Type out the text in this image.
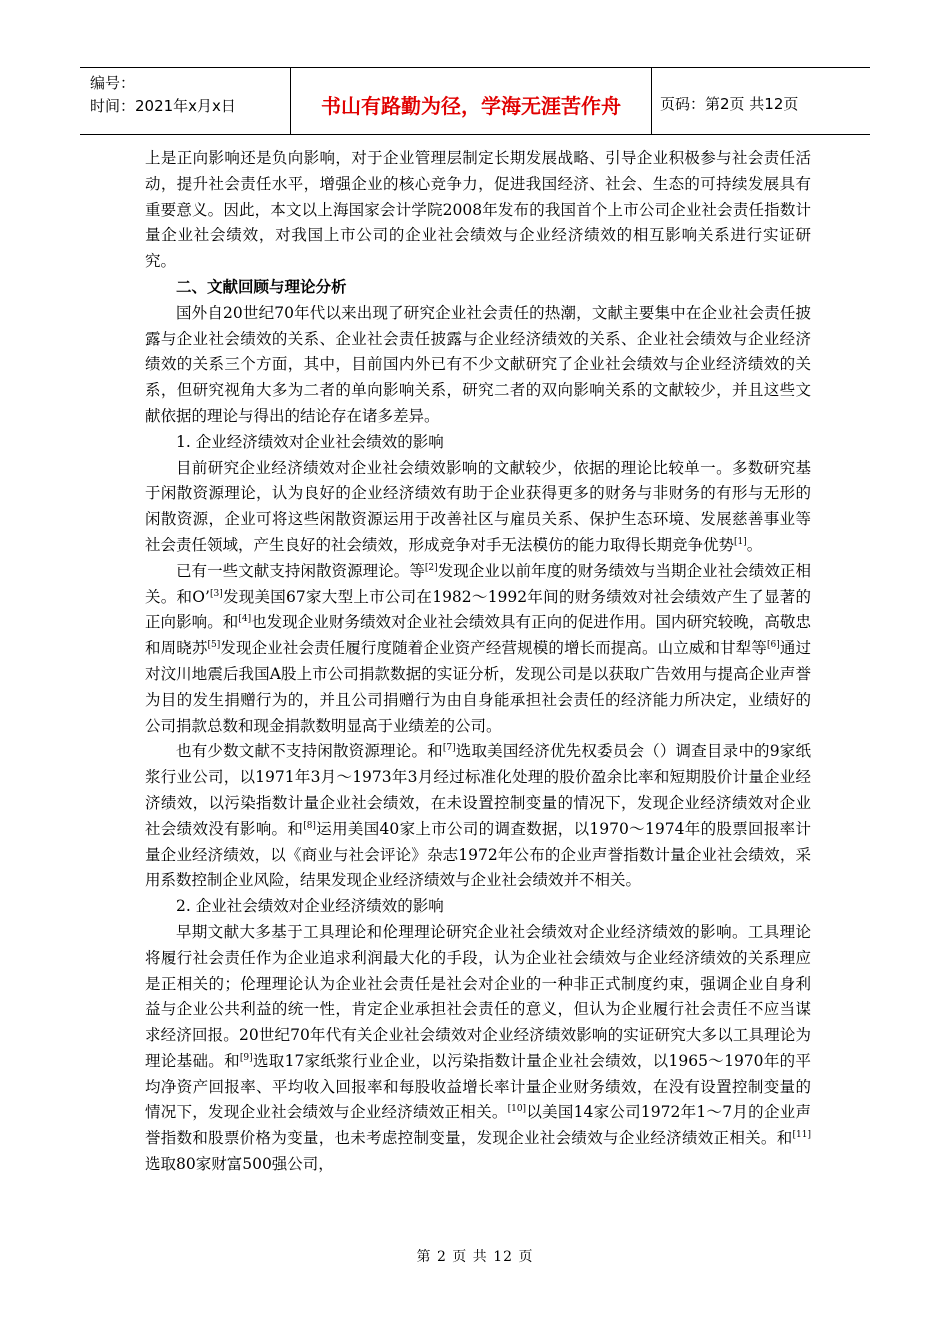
编号：
时间：2021年x月x日	书山有路勤为径，学海无涯苦作舟	页码：第2页 共12页

上是正向影响还是负向影响，对于企业管理层制定长期发展战略、引导企业积极参与社会责任活动，提升社会责任水平，增强企业的核心竞争力，促进我国经济、社会、生态的可持续发展具有重要意义。因此，本文以上海国家会计学院2008年发布的我国首个上市公司企业社会责任指数计量企业社会绩效，对我国上市公司的企业社会绩效与企业经济绩效的相互影响关系进行实证研究。

二、文献回顾与理论分析

国外自20世纪70年代以来出现了研究企业社会责任的热潮，文献主要集中在企业社会责任披露与企业社会绩效的关系、企业社会责任披露与企业经济绩效的关系、企业社会绩效与企业经济绩效的关系三个方面，其中，目前国内外已有不少文献研究了企业社会绩效与企业经济绩效的关系，但研究视角大多为二者的单向影响关系，研究二者的双向影响关系的文献较少，并且这些文献依据的理论与得出的结论存在诸多差异。

1. 企业经济绩效对企业社会绩效的影响

目前研究企业经济绩效对企业社会绩效影响的文献较少，依据的理论比较单一。多数研究基于闲散资源理论，认为良好的企业经济绩效有助于企业获得更多的财务与非财务的有形与无形的闲散资源，企业可将这些闲散资源运用于改善社区与雇员关系、保护生态环境、发展慈善事业等社会责任领域，产生良好的社会绩效，形成竞争对手无法模仿的能力取得长期竞争优势[1]。

已有一些文献支持闲散资源理论。等[2]发现企业以前年度的财务绩效与当期企业社会绩效正相关。和O’[3]发现美国67家大型上市公司在1982～1992年间的财务绩效对社会绩效产生了显著的正向影响。和[4]也发现企业财务绩效对企业社会绩效具有正向的促进作用。国内研究较晚，高敬忠和周晓苏[5]发现企业社会责任履行度随着企业资产经营规模的增长而提高。山立威和甘犁等[6]通过对汶川地震后我国A股上市公司捐款数据的实证分析，发现公司是以获取广告效用与提高企业声誉为目的发生捐赠行为的，并且公司捐赠行为由自身能承担社会责任的经济能力所决定，业绩好的公司捐款总数和现金捐款数明显高于业绩差的公司。

也有少数文献不支持闲散资源理论。和[7]选取美国经济优先权委员会（）调查目录中的9家纸浆行业公司，以1971年3月～1973年3月经过标准化处理的股价盈余比率和短期股价计量企业经济绩效，以污染指数计量企业社会绩效，在未设置控制变量的情况下，发现企业经济绩效对企业社会绩效没有影响。和[8]运用美国40家上市公司的调查数据，以1970～1974年的股票回报率计量企业经济绩效，以《商业与社会评论》杂志1972年公布的企业声誉指数计量企业社会绩效，采用系数控制企业风险，结果发现企业经济绩效与企业社会绩效并不相关。

2. 企业社会绩效对企业经济绩效的影响

早期文献大多基于工具理论和伦理理论研究企业社会绩效对企业经济绩效的影响。工具理论将履行社会责任作为企业追求利润最大化的手段，认为企业社会绩效与企业经济绩效的关系理应是正相关的；伦理理论认为企业社会责任是社会对企业的一种非正式制度约束，强调企业自身利益与企业公共利益的统一性，肯定企业承担社会责任的意义，但认为企业履行社会责任不应当谋求经济回报。20世纪70年代有关企业社会绩效对企业经济绩效影响的实证研究大多以工具理论为理论基础。和[9]选取17家纸浆行业企业，以污染指数计量企业社会绩效，以1965～1970年的平均净资产回报率、平均收入回报率和每股收益增长率计量企业财务绩效，在没有设置控制变量的情况下，发现企业社会绩效与企业经济绩效正相关。[10]以美国14家公司1972年1～7月的企业声誉指数和股票价格为变量，也未考虑控制变量，发现企业社会绩效与企业经济绩效正相关。和[11]选取80家财富500强公司，

第 2 页 共 12 页
